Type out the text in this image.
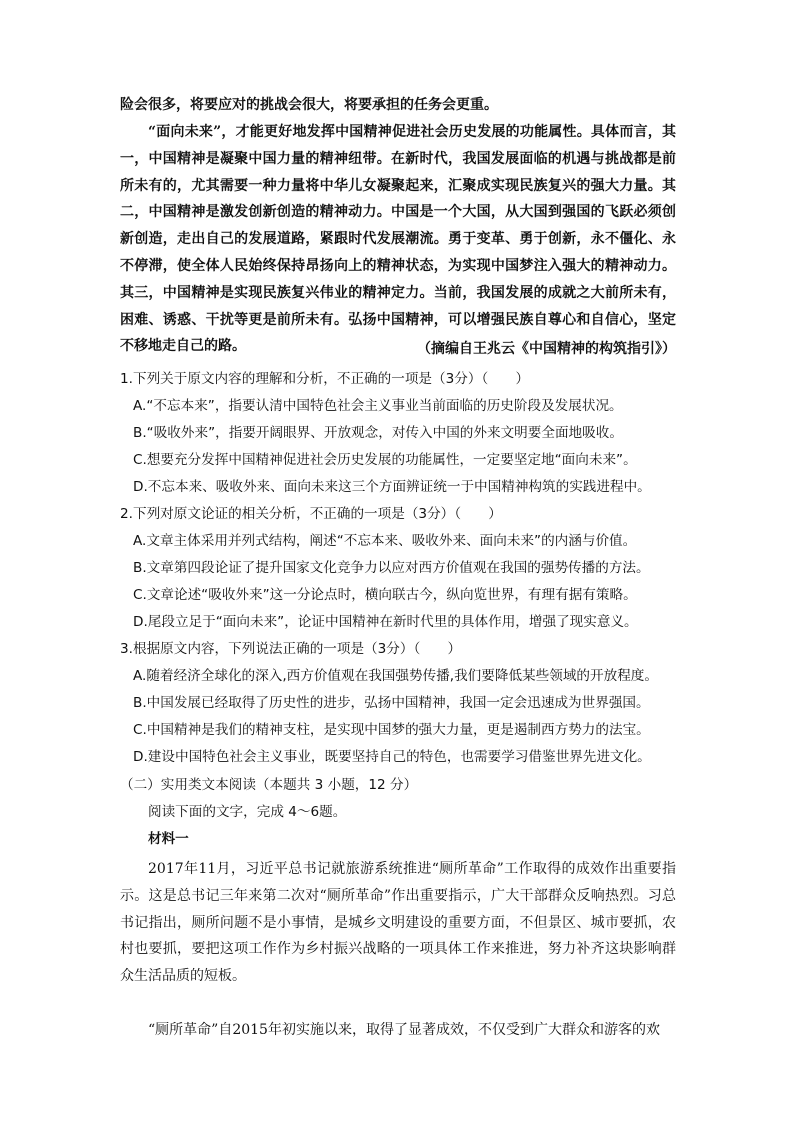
险会很多，将要应对的挑战会很大，将要承担的任务会更重。

“面向未来”，才能更好地发挥中国精神促进社会历史发展的功能属性。具体而言，其一，中国精神是凝聚中国力量的精神纽带。在新时代，我国发展面临的机遇与挑战都是前所未有的，尤其需要一种力量将中华儿女凝聚起来，汇聚成实现民族复兴的强大力量。其二，中国精神是激发创新创造的精神动力。中国是一个大国，从大国到强国的飞跃必须创新创造，走出自己的发展道路，紧跟时代发展潮流。勇于变革、勇于创新，永不僵化、永不停滞，使全体人民始终保持昂扬向上的精神状态，为实现中国梦注入强大的精神动力。其三，中国精神是实现民族复兴伟业的精神定力。当前，我国发展的成就之大前所未有，困难、诱惑、干扰等更是前所未有。弘扬中国精神，可以增强民族自尊心和自信心，坚定不移地走自己的路。	（摘编自王兆云《中国精神的构筑指引》）
1.下列关于原文内容的理解和分析，不正确的一项是（3分）（　　）
A.“不忘本来”，指要认清中国特色社会主义事业当前面临的历史阶段及发展状况。
B.“吸收外来”，指要开阔眼界、开放观念，对传入中国的外来文明要全面地吸收。
C.想要充分发挥中国精神促进社会历史发展的功能属性，一定要坚定地“面向未来”。
D.不忘本来、吸收外来、面向未来这三个方面辨证统一于中国精神构筑的实践进程中。
2.下列对原文论证的相关分析，不正确的一项是（3分）（　　）
A.文章主体采用并列式结构，阐述“不忘本来、吸收外来、面向未来”的内涵与价值。
B.文章第四段论证了提升国家文化竞争力以应对西方价值观在我国的强势传播的方法。
C.文章论述“吸收外来”这一分论点时，横向联古今，纵向览世界，有理有据有策略。
D.尾段立足于“面向未来”，论证中国精神在新时代里的具体作用，增强了现实意义。
3.根据原文内容，下列说法正确的一项是（3分）（　　）
A.随着经济全球化的深入,西方价值观在我国强势传播,我们要降低某些领域的开放程度。
B.中国发展已经取得了历史性的进步，弘扬中国精神，我国一定会迅速成为世界强国。
C.中国精神是我们的精神支柱，是实现中国梦的强大力量，更是遏制西方势力的法宝。
D.建设中国特色社会主义事业，既要坚持自己的特色，也需要学习借鉴世界先进文化。
（二）实用类文本阅读（本题共 3 小题，12 分）
阅读下面的文字，完成 4～6题。
材料一

2017年11月，习近平总书记就旅游系统推进“厕所革命”工作取得的成效作出重要指示。这是总书记三年来第二次对“厕所革命”作出重要指示，广大干部群众反响热烈。习总书记指出，厕所问题不是小事情，是城乡文明建设的重要方面，不但景区、城市要抓，农村也要抓，要把这项工作作为乡村振兴战略的一项具体工作来推进，努力补齐这块影响群众生活品质的短板。

“厕所革命”自2015年初实施以来，取得了显著成效，不仅受到广大群众和游客的欢
